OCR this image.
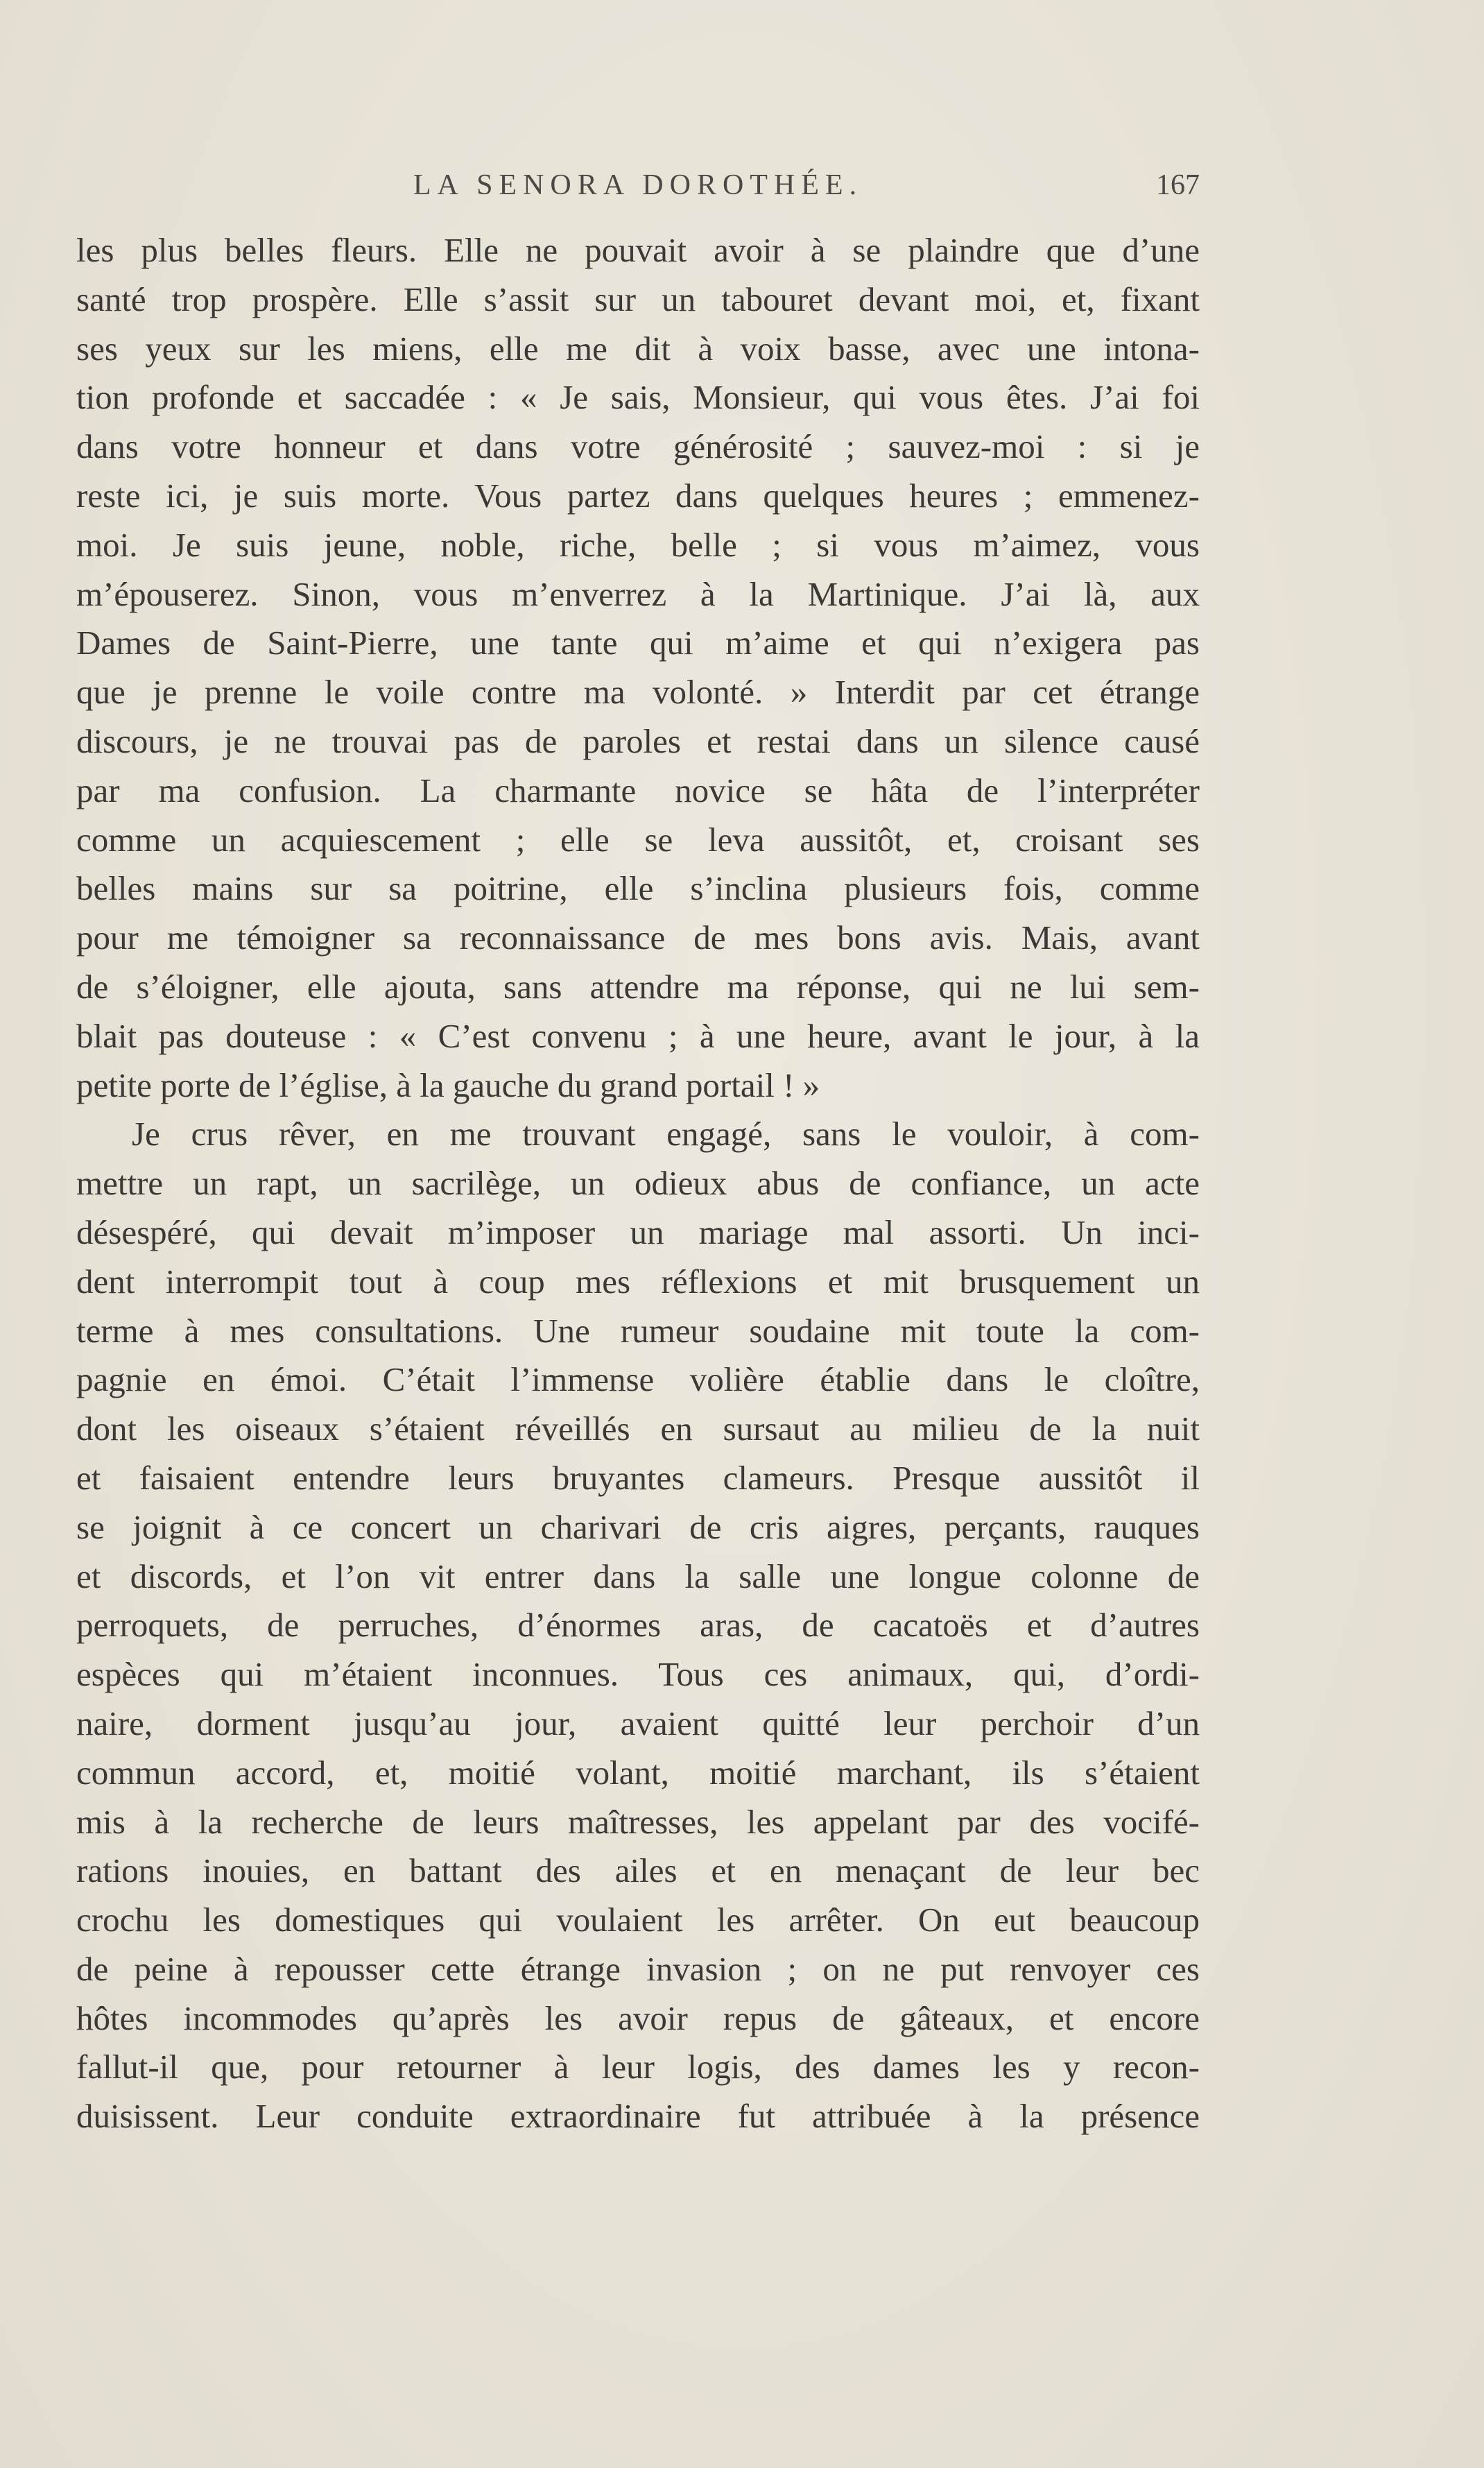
LA SENORA DOROTHÉE.	167
les plus belles fleurs. Elle ne pouvait avoir à se plaindre que d’une
santé trop prospère. Elle s’assit sur un tabouret devant moi, et, fixant
ses yeux sur les miens, elle me dit à voix basse, avec une intona-
tion profonde et saccadée : « Je sais, Monsieur, qui vous êtes. J’ai foi
dans votre honneur et dans votre générosité ; sauvez-moi : si je
reste ici, je suis morte. Vous partez dans quelques heures ; emmenez-
moi. Je suis jeune, noble, riche, belle ; si vous m’aimez, vous
m’épouserez. Sinon, vous m’enverrez à la Martinique. J’ai là, aux
Dames de Saint-Pierre, une tante qui m’aime et qui n’exigera pas
que je prenne le voile contre ma volonté. » Interdit par cet étrange
discours, je ne trouvai pas de paroles et restai dans un silence causé
par ma confusion. La charmante novice se hâta de l’interpréter
comme un acquiescement ; elle se leva aussitôt, et, croisant ses
belles mains sur sa poitrine, elle s’inclina plusieurs fois, comme
pour me témoigner sa reconnaissance de mes bons avis. Mais, avant
de s’éloigner, elle ajouta, sans attendre ma réponse, qui ne lui sem-
blait pas douteuse : « C’est convenu ; à une heure, avant le jour, à la
petite porte de l’église, à la gauche du grand portail ! »
Je crus rêver, en me trouvant engagé, sans le vouloir, à com-
mettre un rapt, un sacrilège, un odieux abus de confiance, un acte
désespéré, qui devait m’imposer un mariage mal assorti. Un inci-
dent interrompit tout à coup mes réflexions et mit brusquement un
terme à mes consultations. Une rumeur soudaine mit toute la com-
pagnie en émoi. C’était l’immense volière établie dans le cloître,
dont les oiseaux s’étaient réveillés en sursaut au milieu de la nuit
et faisaient entendre leurs bruyantes clameurs. Presque aussitôt il
se joignit à ce concert un charivari de cris aigres, perçants, rauques
et discords, et l’on vit entrer dans la salle une longue colonne de
perroquets, de perruches, d’énormes aras, de cacatoës et d’autres
espèces qui m’étaient inconnues. Tous ces animaux, qui, d’ordi-
naire, dorment jusqu’au jour, avaient quitté leur perchoir d’un
commun accord, et, moitié volant, moitié marchant, ils s’étaient
mis à la recherche de leurs maîtresses, les appelant par des vocifé-
rations inouies, en battant des ailes et en menaçant de leur bec
crochu les domestiques qui voulaient les arrêter. On eut beaucoup
de peine à repousser cette étrange invasion ; on ne put renvoyer ces
hôtes incommodes qu’après les avoir repus de gâteaux, et encore
fallut-il que, pour retourner à leur logis, des dames les y recon-
duisissent. Leur conduite extraordinaire fut attribuée à la présence
